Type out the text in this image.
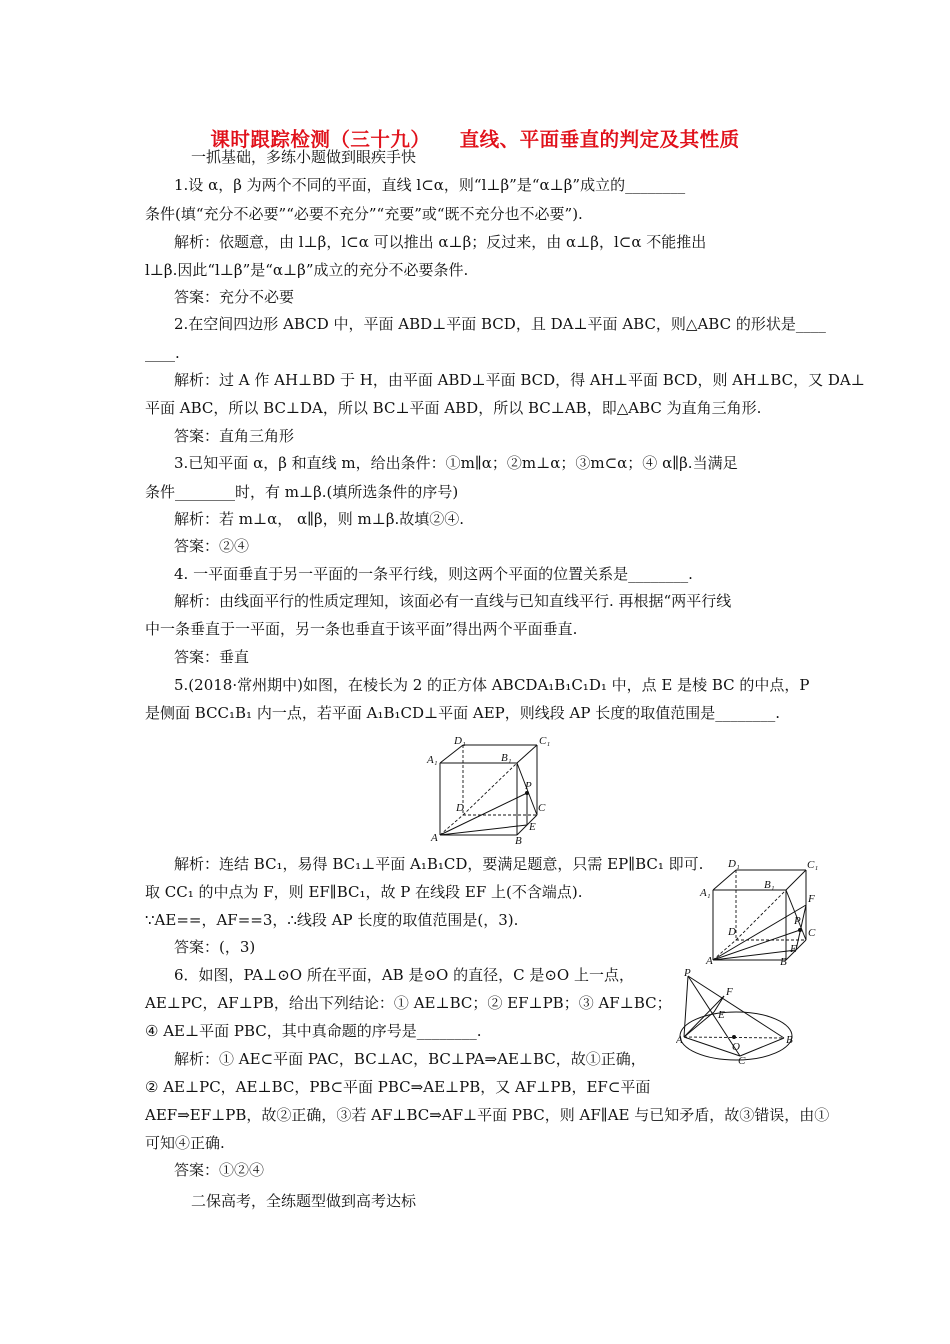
课时跟踪检测（三十九）    直线、平面垂直的判定及其性质
一抓基础，多练小题做到眼疾手快
1.设 α，β 为两个不同的平面，直线 l⊂α，则“l⊥β”是“α⊥β”成立的________
条件(填“充分不必要”“必要不充分”“充要”或“既不充分也不必要”).
解析：依题意，由 l⊥β，l⊂α 可以推出 α⊥β；反过来，由 α⊥β，l⊂α 不能推出
l⊥β.因此“l⊥β”是“α⊥β”成立的充分不必要条件.
答案：充分不必要
2.在空间四边形 ABCD 中，平面 ABD⊥平面 BCD，且 DA⊥平面 ABC，则△ABC 的形状是____
____.
解析：过 A 作 AH⊥BD 于 H，由平面 ABD⊥平面 BCD，得 AH⊥平面 BCD，则 AH⊥BC，又 DA⊥
平面 ABC，所以 BC⊥DA，所以 BC⊥平面 ABD，所以 BC⊥AB，即△ABC 为直角三角形.
答案：直角三角形
3.已知平面 α，β 和直线 m，给出条件：①m∥α；②m⊥α；③m⊂α；④ α∥β.当满足
条件________时，有 m⊥β.(填所选条件的序号)
解析：若 m⊥α， α∥β，则 m⊥β.故填②④.
答案：②④
4. 一平面垂直于另一平面的一条平行线，则这两个平面的位置关系是________.
解析：由线面平行的性质定理知，该面必有一直线与已知直线平行. 再根据“两平行线
中一条垂直于一平面，另一条也垂直于该平面”得出两个平面垂直.
答案：垂直
5.(2018·常州期中)如图，在棱长为 2 的正方体 ABCDA₁B₁C₁D₁ 中，点 E 是棱 BC 的中点，P
是侧面 BCC₁B₁ 内一点，若平面 A₁B₁CD⊥平面 AEP，则线段 AP 长度的取值范围是________.
D₁	C₁
A₁	B₁
P
D	C
A	B
E
解析：连结 BC₁，易得 BC₁⊥平面 A₁B₁CD，要满足题意，只需 EP∥BC₁ 即可.
取 CC₁ 的中点为 F，则 EF∥BC₁，故 P 在线段 EF 上(不含端点).
∵AE==，AF==3，∴线段 AP 长度的取值范围是(，3).
答案：(，3)
D₁	C₁
A₁
B₁
F
P
D	C
A	B
E
6．如图，PA⊥⊙O 所在平面，AB 是⊙O 的直径，C 是⊙O 上一点，
AE⊥PC，AF⊥PB，给出下列结论：① AE⊥BC；② EF⊥PB；③ AF⊥BC；
④ AE⊥平面 PBC，其中真命题的序号是________.
P
F
E
A
O
B
C
解析：① AE⊂平面 PAC，BC⊥AC，BC⊥PA⇒AE⊥BC，故①正确，
② AE⊥PC，AE⊥BC，PB⊂平面 PBC⇒AE⊥PB，又 AF⊥PB，EF⊂平面
AEF⇒EF⊥PB，故②正确，③若 AF⊥BC⇒AF⊥平面 PBC，则 AF∥AE 与已知矛盾，故③错误，由①
可知④正确.
答案：①②④
二保高考，全练题型做到高考达标
